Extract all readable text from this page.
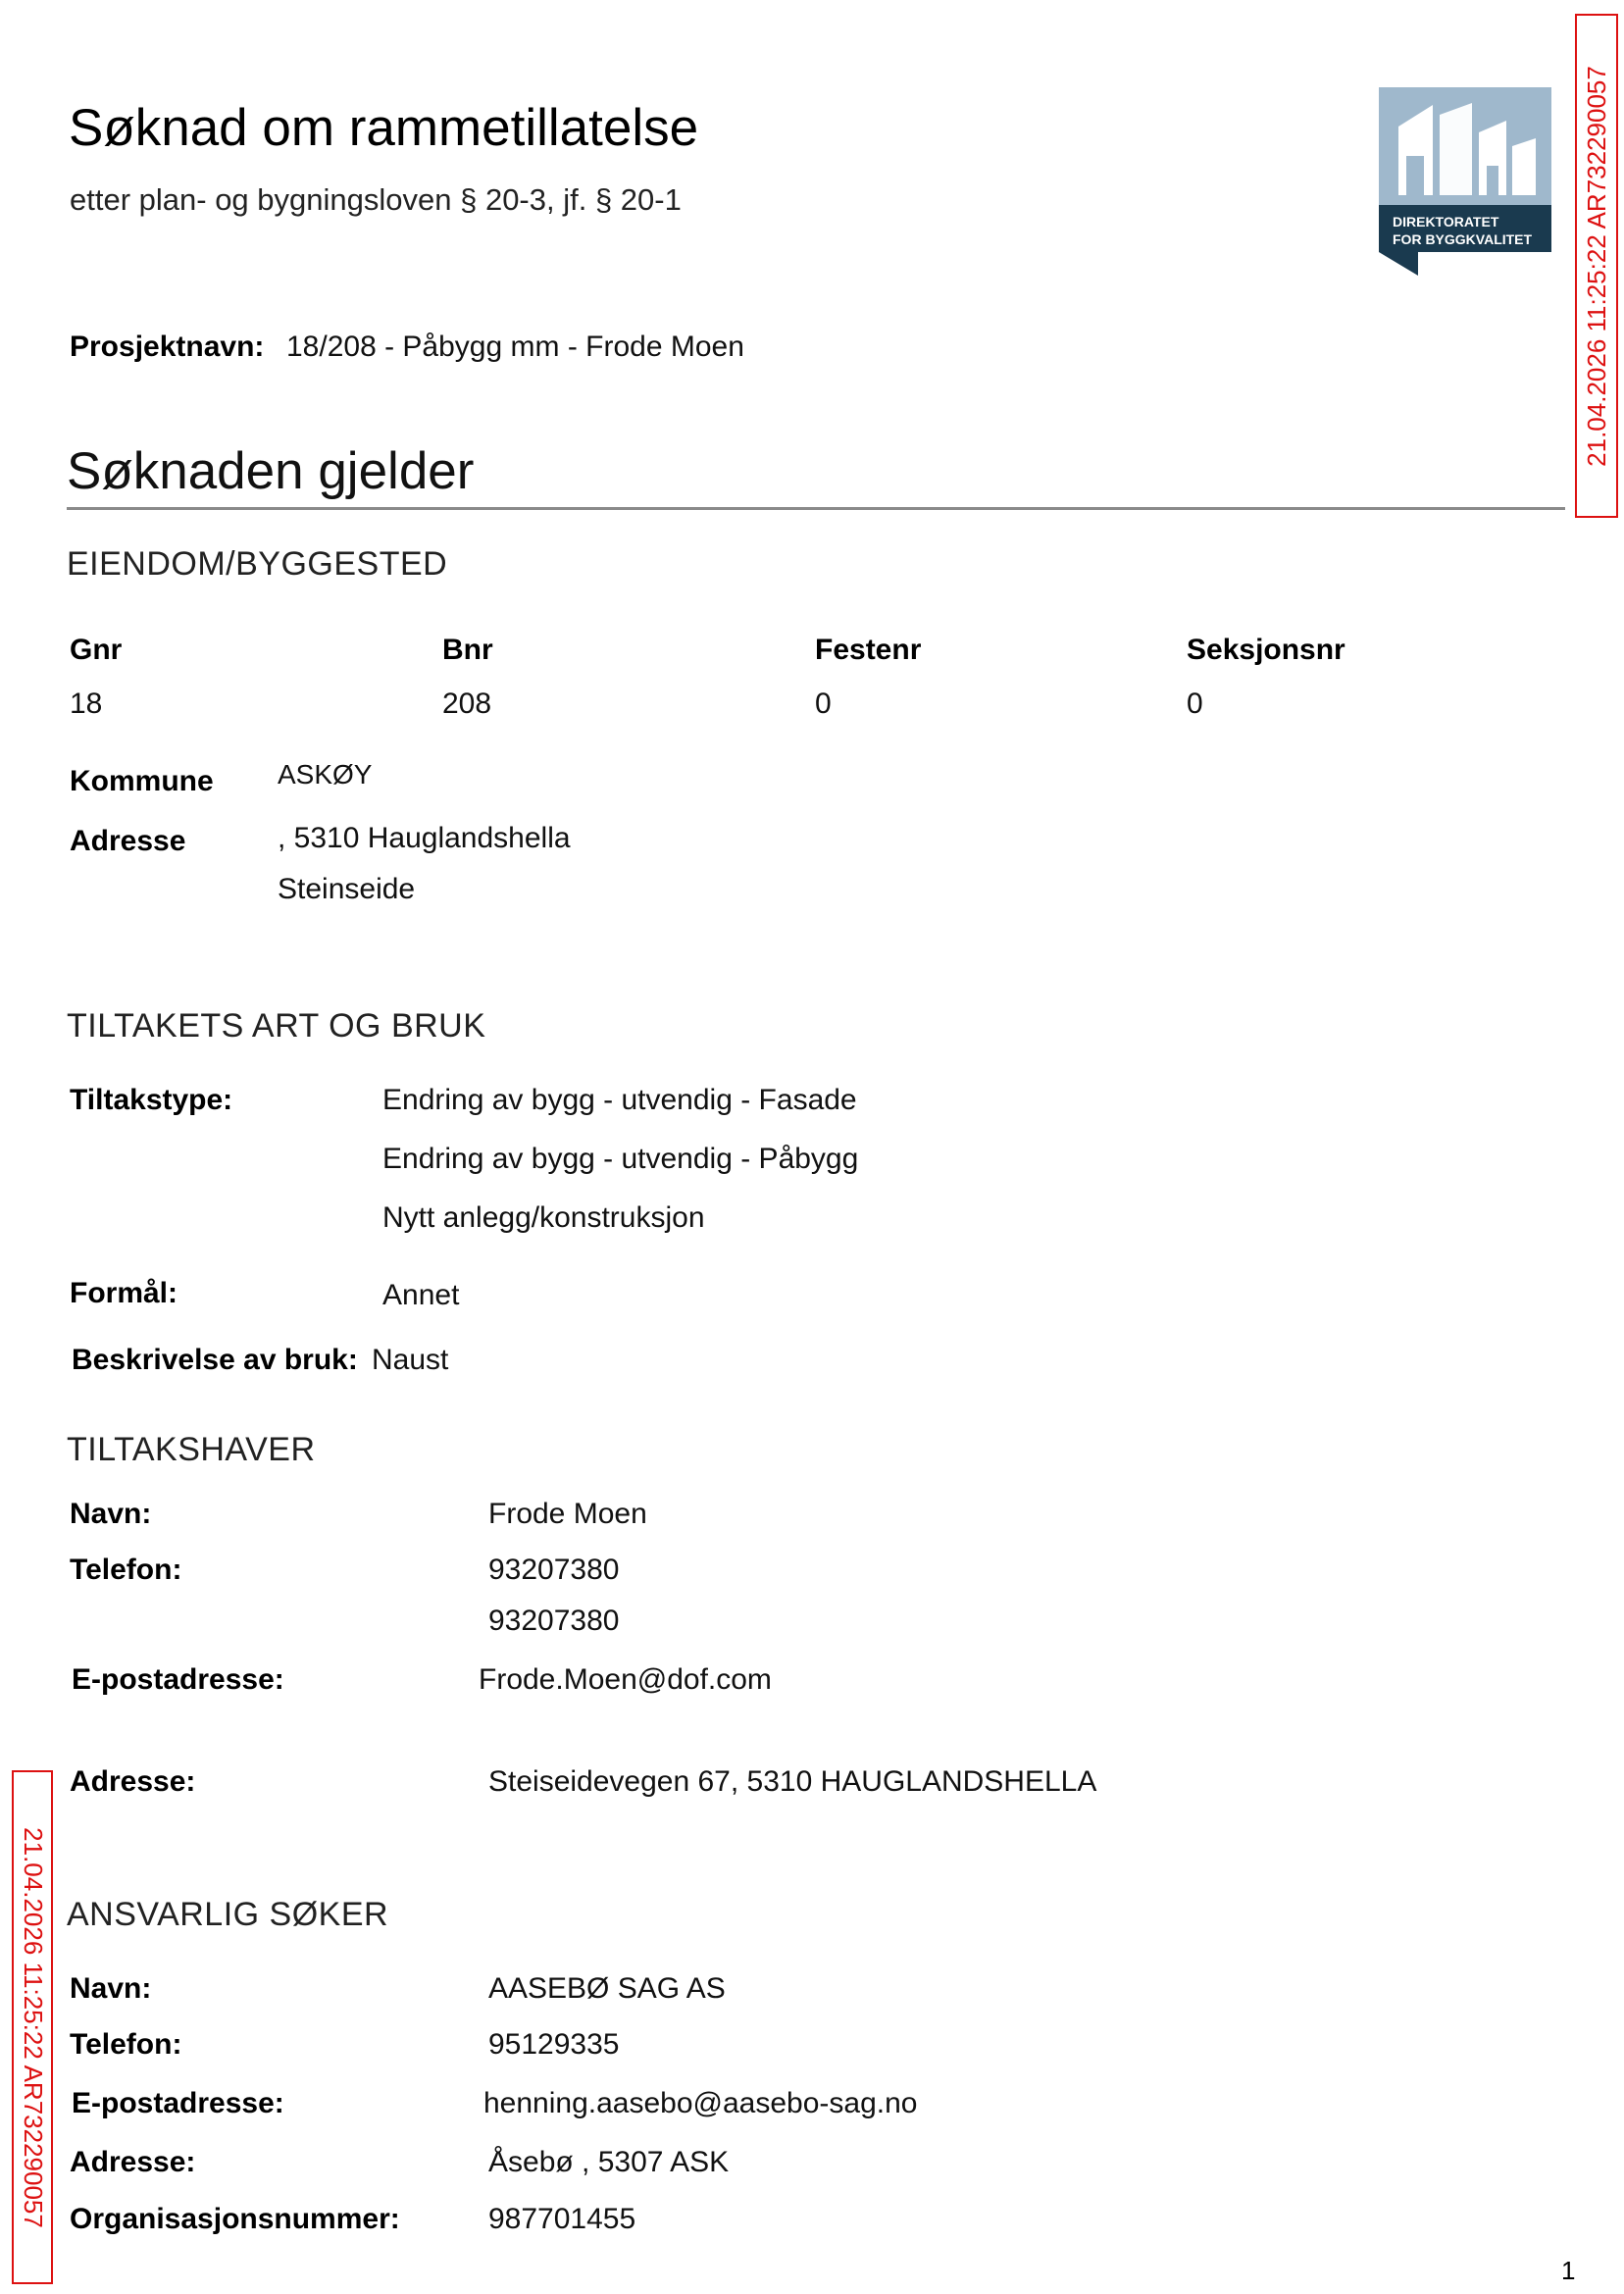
Søknad om rammetillatelse
etter plan- og bygningsloven § 20-3, jf. § 20-1
DIREKTORATET
FOR BYGGKVALITET 21.04.2026 11:25:22 AR732290057
21.04.2026 11:25:22 AR732290057
Prosjektnavn: 18/208 - Påbygg mm - Frode Moen
Søknaden gjelder
EIENDOM/BYGGESTED
Gnr	Bnr	Festenr	Seksjonsnr
18	208	0	0
Kommune ASKØY
Adresse	, 5310 Hauglandshella
Steinseide
TILTAKETS ART OG BRUK
Tiltakstype:	Endring av bygg - utvendig - Fasade
Endring av bygg - utvendig - Påbygg
Nytt anlegg/konstruksjon
Formål:	Annet
Beskrivelse av bruk: Naust
TILTAKSHAVER
Navn:	Frode Moen
Telefon:	93207380
93207380
E-postadresse:	Frode.Moen@dof.com
Adresse:	Steiseidevegen 67, 5310 HAUGLANDSHELLA
ANSVARLIG SØKER
Navn:	AASEBØ SAG AS
Telefon:	95129335
E-postadresse:	henning.aasebo@aasebo-sag.no
Adresse:	Åsebø , 5307 ASK
Organisasjonsnummer:	987701455
1
